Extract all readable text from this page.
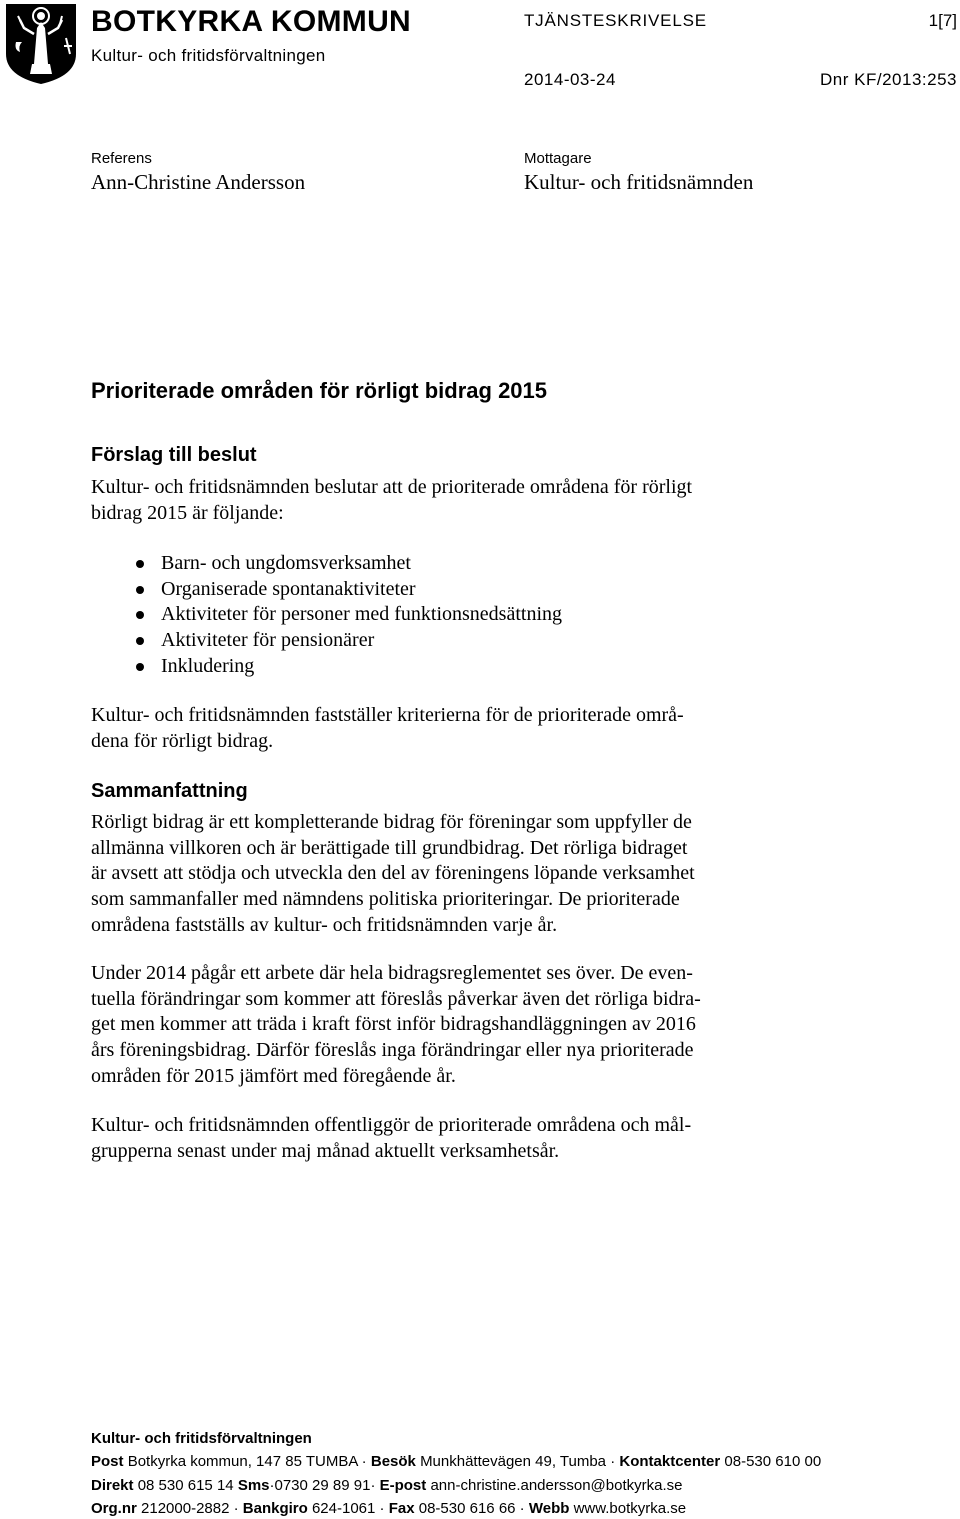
BOTKYRKA KOMMUN
Kultur- och fritidsförvaltningen
TJÄNSTESKRIVELSE	1[7]
2014-03-24	Dnr KF/2013:253
Referens
Ann-Christine Andersson
Mottagare
Kultur- och fritidsnämnden
Prioriterade områden för rörligt bidrag 2015
Förslag till beslut
Kultur- och fritidsnämnden beslutar att de prioriterade områdena för rörligt
bidrag 2015 är följande:
Barn- och ungdomsverksamhet
Organiserade spontanaktiviteter
Aktiviteter för personer med funktionsnedsättning
Aktiviteter för pensionärer
Inkludering
Kultur- och fritidsnämnden fastställer kriterierna för de prioriterade områ-
dena för rörligt bidrag.
Sammanfattning
Rörligt bidrag är ett kompletterande bidrag för föreningar som uppfyller de
allmänna villkoren och är berättigade till grundbidrag. Det rörliga bidraget
är avsett att stödja och utveckla den del av föreningens löpande verksamhet
som sammanfaller med nämndens politiska prioriteringar. De prioriterade
områdena fastställs av kultur- och fritidsnämnden varje år.
Under 2014 pågår ett arbete där hela bidragsreglementet ses över. De even-
tuella förändringar som kommer att föreslås påverkar även det rörliga bidra-
get men kommer att träda i kraft först inför bidragshandläggningen av 2016
års föreningsbidrag. Därför föreslås inga förändringar eller nya prioriterade
områden för 2015 jämfört med föregående år.
Kultur- och fritidsnämnden offentliggör de prioriterade områdena och mål-
grupperna senast under maj månad aktuellt verksamhetsår.
Kultur- och fritidsförvaltningen
Post Botkyrka kommun, 147 85 TUMBA · Besök Munkhättevägen 49, Tumba · Kontaktcenter 08-530 610 00
Direkt 08 530 615 14 Sms·0730 29 89 91· E-post ann-christine.andersson@botkyrka.se
Org.nr 212000-2882 · Bankgiro 624-1061 · Fax 08-530 616 66 · Webb www.botkyrka.se
